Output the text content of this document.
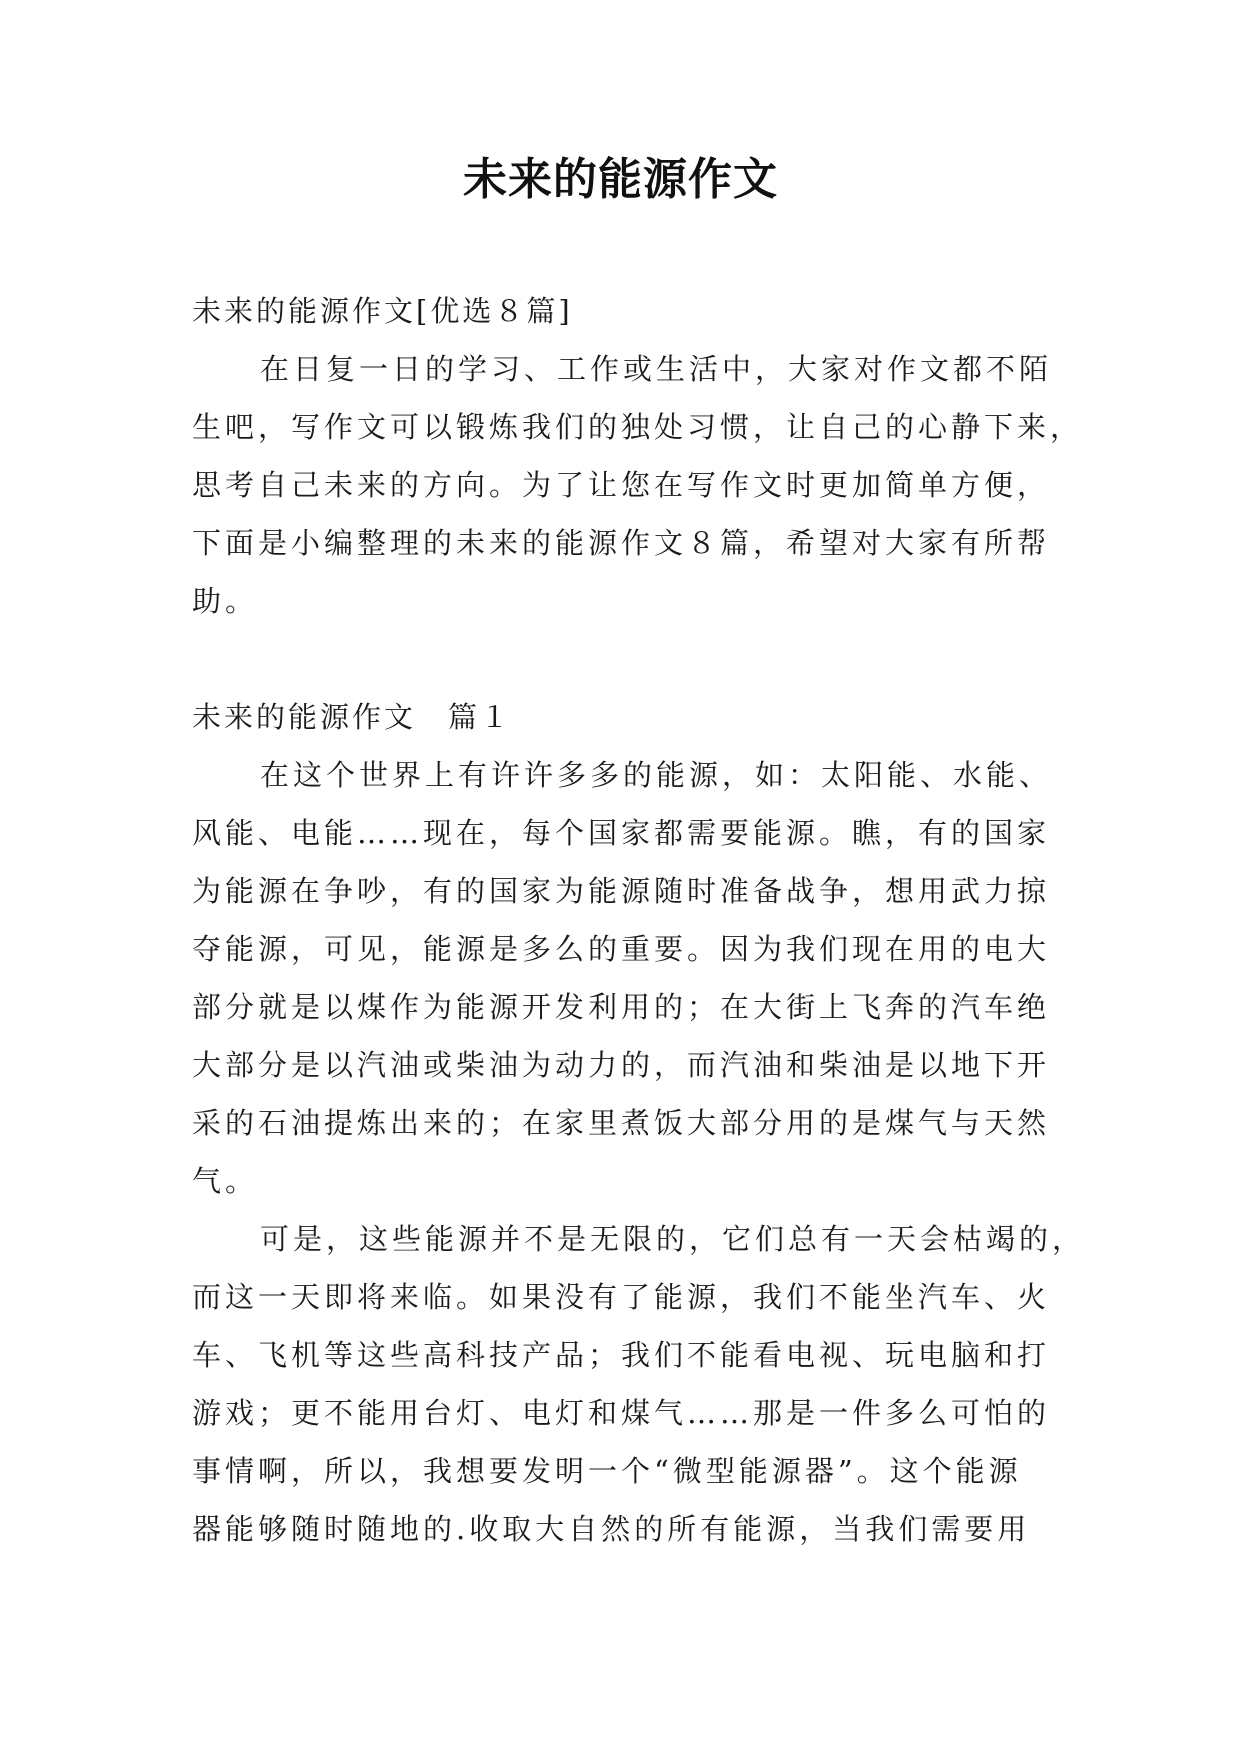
未来的能源作文
未来的能源作文[优选８篇]
在日复一日的学习、工作或生活中，大家对作文都不陌
生吧，写作文可以锻炼我们的独处习惯，让自己的心静下来，
思考自己未来的方向。为了让您在写作文时更加简单方便，
下面是小编整理的未来的能源作文８篇，希望对大家有所帮
助。
未来的能源作文　篇１
在这个世界上有许许多多的能源，如：太阳能、水能、
风能、电能……现在，每个国家都需要能源。瞧，有的国家
为能源在争吵，有的国家为能源随时准备战争，想用武力掠
夺能源，可见，能源是多么的重要。因为我们现在用的电大
部分就是以煤作为能源开发利用的；在大街上飞奔的汽车绝
大部分是以汽油或柴油为动力的，而汽油和柴油是以地下开
采的石油提炼出来的；在家里煮饭大部分用的是煤气与天然
气。
可是，这些能源并不是无限的，它们总有一天会枯竭的，
而这一天即将来临。如果没有了能源，我们不能坐汽车、火
车、飞机等这些高科技产品；我们不能看电视、玩电脑和打
游戏；更不能用台灯、电灯和煤气……那是一件多么可怕的
事情啊，所以，我想要发明一个“微型能源器”。这个能源
器能够随时随地的.收取大自然的所有能源，当我们需要用
